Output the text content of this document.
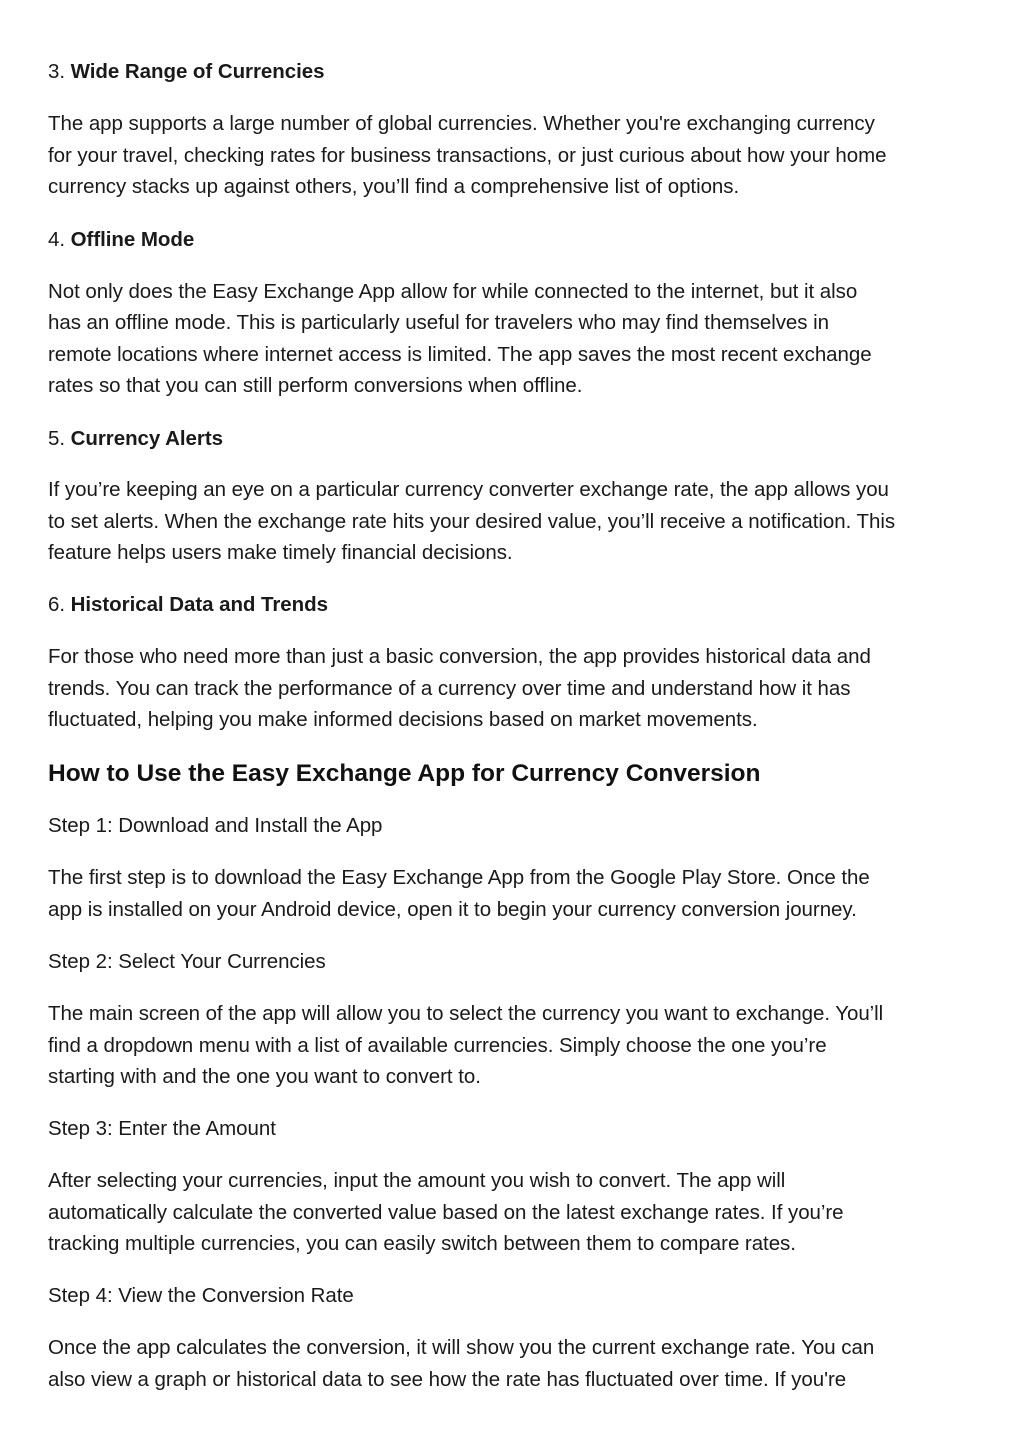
3. Wide Range of Currencies
The app supports a large number of global currencies. Whether you're exchanging currency
for your travel, checking rates for business transactions, or just curious about how your home
currency stacks up against others, you’ll find a comprehensive list of options.
4. Offline Mode
Not only does the Easy Exchange App allow for while connected to the internet, but it also
has an offline mode. This is particularly useful for travelers who may find themselves in
remote locations where internet access is limited. The app saves the most recent exchange
rates so that you can still perform conversions when offline.
5. Currency Alerts
If you’re keeping an eye on a particular currency converter exchange rate, the app allows you
to set alerts. When the exchange rate hits your desired value, you’ll receive a notification. This
feature helps users make timely financial decisions.
6. Historical Data and Trends
For those who need more than just a basic conversion, the app provides historical data and
trends. You can track the performance of a currency over time and understand how it has
fluctuated, helping you make informed decisions based on market movements.
How to Use the Easy Exchange App for Currency Conversion
Step 1: Download and Install the App
The first step is to download the Easy Exchange App from the Google Play Store. Once the
app is installed on your Android device, open it to begin your currency conversion journey.
Step 2: Select Your Currencies
The main screen of the app will allow you to select the currency you want to exchange. You’ll
find a dropdown menu with a list of available currencies. Simply choose the one you’re
starting with and the one you want to convert to.
Step 3: Enter the Amount
After selecting your currencies, input the amount you wish to convert. The app will
automatically calculate the converted value based on the latest exchange rates. If you’re
tracking multiple currencies, you can easily switch between them to compare rates.
Step 4: View the Conversion Rate
Once the app calculates the conversion, it will show you the current exchange rate. You can
also view a graph or historical data to see how the rate has fluctuated over time. If you're
